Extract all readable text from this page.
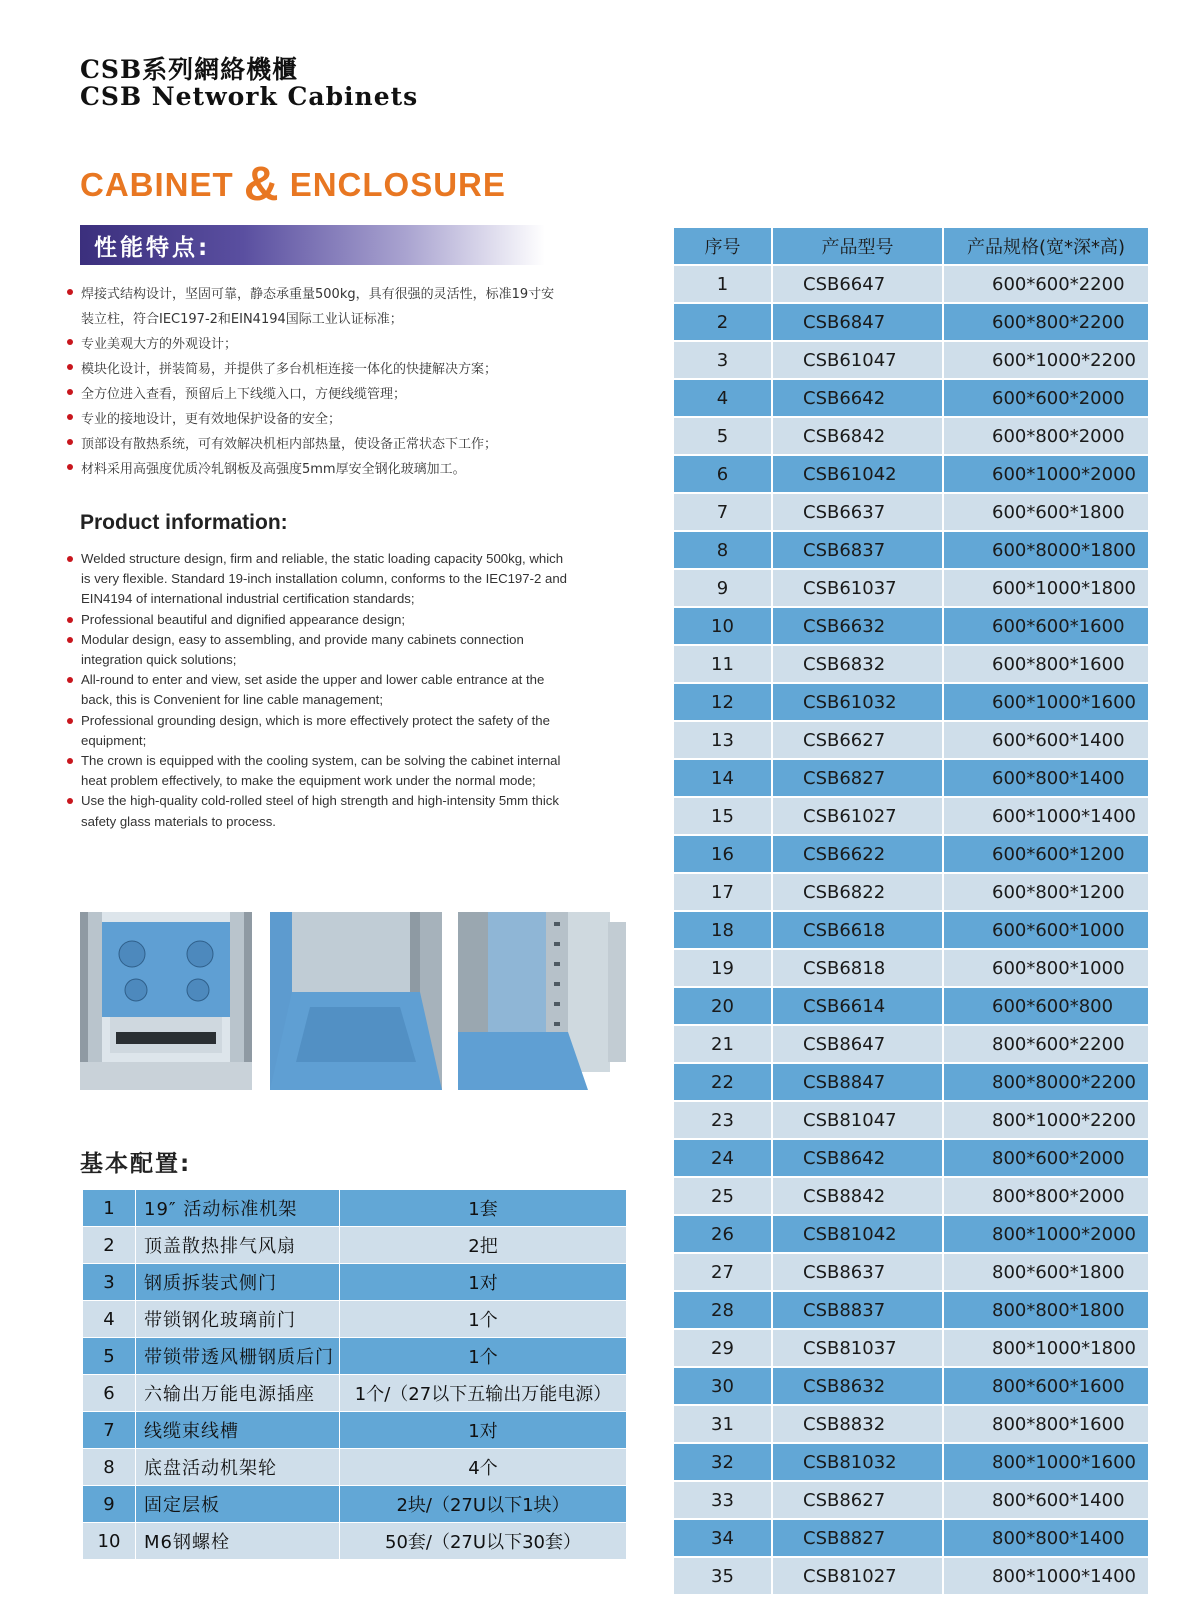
CSB系列網絡機櫃
CSB Network Cabinets
CABINET & ENCLOSURE
性能特点:
焊接式结构设计，坚固可靠，静态承重量500kg，具有很强的灵活性，标准19寸安装立柱，符合IEC197-2和EIN4194国际工业认证标准；
专业美观大方的外观设计；
模块化设计，拼装简易，并提供了多台机柜连接一体化的快捷解决方案；
全方位进入查看，预留后上下线缆入口，方便线缆管理；
专业的接地设计，更有效地保护设备的安全；
顶部设有散热系统，可有效解决机柜内部热量，使设备正常状态下工作；
材料采用高强度优质冷轧钢板及高强度5mm厚安全钢化玻璃加工。
Product information:
Welded structure design, firm and reliable, the static loading capacity 500kg, which is very flexible. Standard 19-inch installation column, conforms to the IEC197-2 and EIN4194 of international industrial certification standards;
Professional beautiful and dignified appearance design;
Modular design, easy to assembling, and provide many cabinets connection integration quick solutions;
All-round to enter and view, set aside the upper and lower cable entrance at the back, this is Convenient for line cable management;
Professional grounding design, which is more effectively protect the safety of the equipment;
The crown is equipped with the cooling system, can be solving the cabinet internal heat problem effectively, to make the equipment work under the normal mode;
Use the high-quality cold-rolled steel of high strength and high-intensity 5mm thick safety glass materials to process.
基本配置:
1	19″ 活动标准机架	1套
2	顶盖散热排气风扇	2把
3	钢质拆装式侧门	1对
4	带锁钢化玻璃前门	1个
5	带锁带透风栅钢质后门	1个
6	六输出万能电源插座	1个/（27以下五输出万能电源）
7	线缆束线槽	1对
8	底盘活动机架轮	4个
9	固定层板	2块/（27U以下1块）
10	M6钢螺栓	50套/（27U以下30套）
序号	产品型号	产品规格(宽*深*高)
1	CSB6647	600*600*2200
2	CSB6847	600*800*2200
3	CSB61047	600*1000*2200
4	CSB6642	600*600*2000
5	CSB6842	600*800*2000
6	CSB61042	600*1000*2000
7	CSB6637	600*600*1800
8	CSB6837	600*8000*1800
9	CSB61037	600*1000*1800
10	CSB6632	600*600*1600
11	CSB6832	600*800*1600
12	CSB61032	600*1000*1600
13	CSB6627	600*600*1400
14	CSB6827	600*800*1400
15	CSB61027	600*1000*1400
16	CSB6622	600*600*1200
17	CSB6822	600*800*1200
18	CSB6618	600*600*1000
19	CSB6818	600*800*1000
20	CSB6614	600*600*800
21	CSB8647	800*600*2200
22	CSB8847	800*8000*2200
23	CSB81047	800*1000*2200
24	CSB8642	800*600*2000
25	CSB8842	800*800*2000
26	CSB81042	800*1000*2000
27	CSB8637	800*600*1800
28	CSB8837	800*800*1800
29	CSB81037	800*1000*1800
30	CSB8632	800*600*1600
31	CSB8832	800*800*1600
32	CSB81032	800*1000*1600
33	CSB8627	800*600*1400
34	CSB8827	800*800*1400
35	CSB81027	800*1000*1400
